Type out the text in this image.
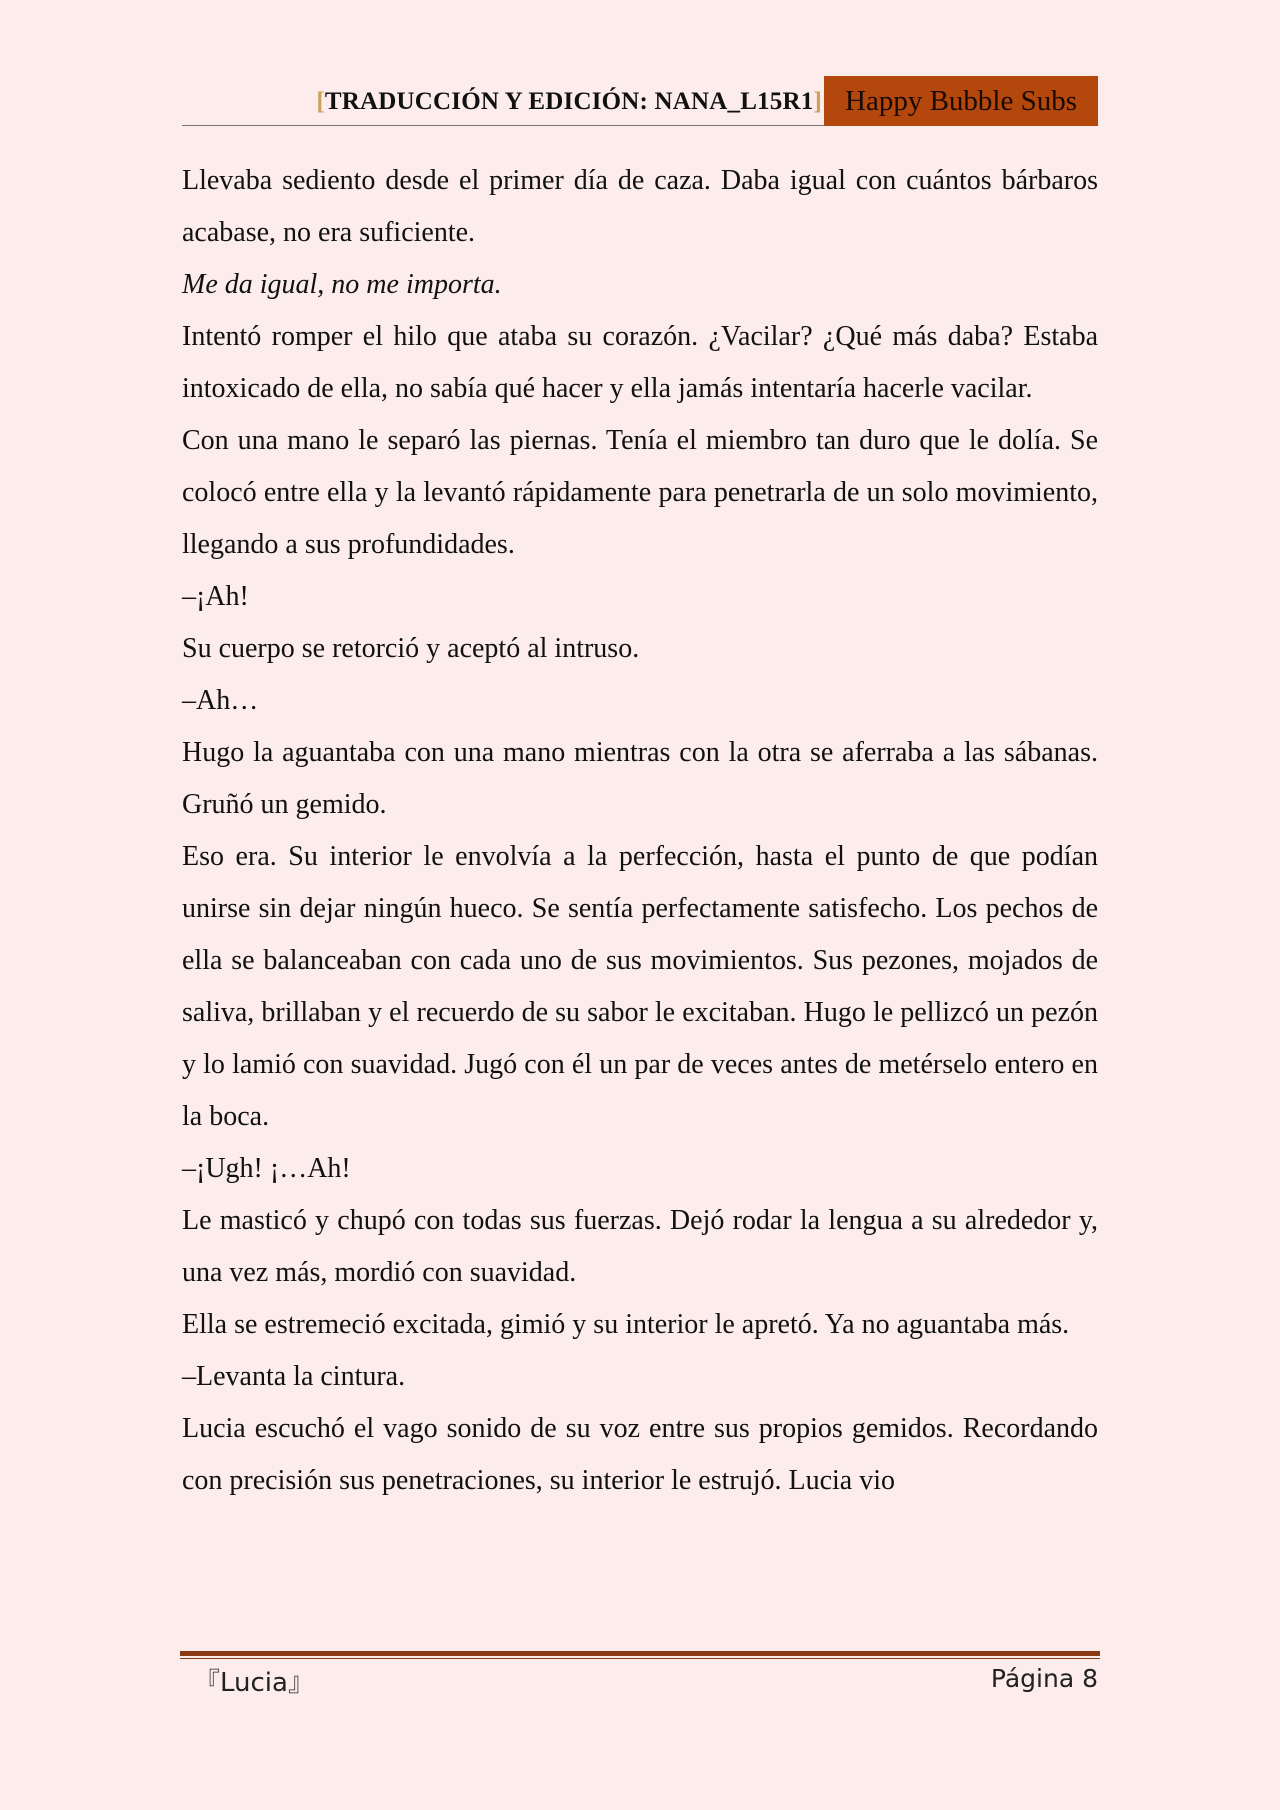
[TRADUCCIÓN Y EDICIÓN: NANA_L15R1] Happy Bubble Subs

Llevaba sediento desde el primer día de caza. Daba igual con cuántos bárbaros acabase, no era suficiente.

Me da igual, no me importa.

Intentó romper el hilo que ataba su corazón. ¿Vacilar? ¿Qué más daba? Estaba intoxicado de ella, no sabía qué hacer y ella jamás intentaría hacerle vacilar.

Con una mano le separó las piernas. Tenía el miembro tan duro que le dolía. Se colocó entre ella y la levantó rápidamente para penetrarla de un solo movimiento, llegando a sus profundidades.

–¡Ah!

Su cuerpo se retorció y aceptó al intruso.

–Ah…

Hugo la aguantaba con una mano mientras con la otra se aferraba a las sábanas. Gruñó un gemido.

Eso era. Su interior le envolvía a la perfección, hasta el punto de que podían unirse sin dejar ningún hueco. Se sentía perfectamente satisfecho. Los pechos de ella se balanceaban con cada uno de sus movimientos. Sus pezones, mojados de saliva, brillaban y el recuerdo de su sabor le excitaban. Hugo le pellizcó un pezón y lo lamió con suavidad. Jugó con él un par de veces antes de metérselo entero en la boca.

–¡Ugh! ¡…Ah!

Le masticó y chupó con todas sus fuerzas. Dejó rodar la lengua a su alrededor y, una vez más, mordió con suavidad.

Ella se estremeció excitada, gimió y su interior le apretó. Ya no aguantaba más.

–Levanta la cintura.

Lucia escuchó el vago sonido de su voz entre sus propios gemidos. Recordando con precisión sus penetraciones, su interior le estrujó. Lucia vio

『Lucia』	Página 8
